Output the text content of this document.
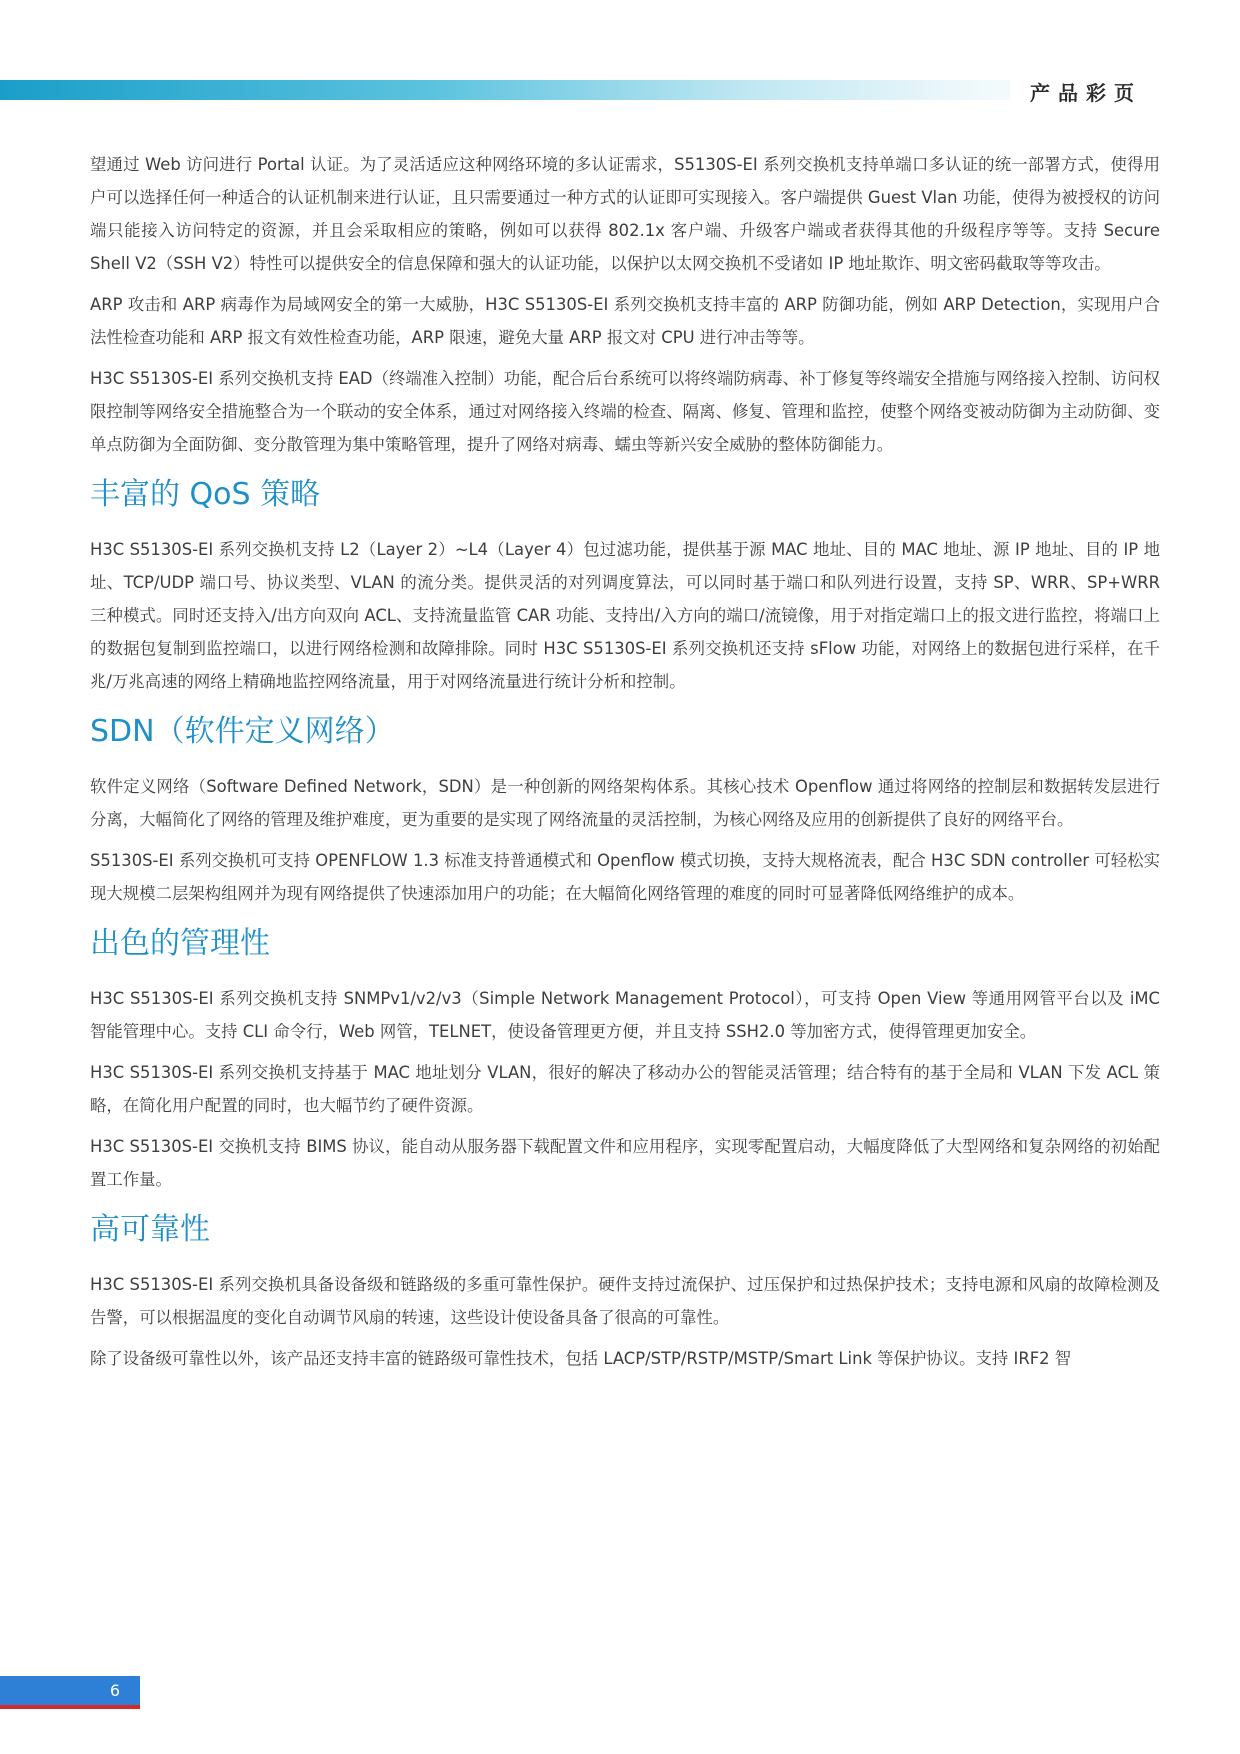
产品彩页

望通过 Web 访问进行 Portal 认证。为了灵活适应这种网络环境的多认证需求，S5130S-EI 系列交换机支持单端口多认证的统一部署方式，使得用户可以选择任何一种适合的认证机制来进行认证，且只需要通过一种方式的认证即可实现接入。客户端提供 Guest Vlan 功能，使得为被授权的访问端只能接入访问特定的资源，并且会采取相应的策略，例如可以获得 802.1x 客户端、升级客户端或者获得其他的升级程序等等。支持 Secure Shell V2（SSH V2）特性可以提供安全的信息保障和强大的认证功能，以保护以太网交换机不受诸如 IP 地址欺诈、明文密码截取等等攻击。

ARP 攻击和 ARP 病毒作为局域网安全的第一大威胁，H3C S5130S-EI 系列交换机支持丰富的 ARP 防御功能，例如 ARP Detection，实现用户合法性检查功能和 ARP 报文有效性检查功能，ARP 限速，避免大量 ARP 报文对 CPU 进行冲击等等。

H3C S5130S-EI 系列交换机支持 EAD（终端准入控制）功能，配合后台系统可以将终端防病毒、补丁修复等终端安全措施与网络接入控制、访问权限控制等网络安全措施整合为一个联动的安全体系，通过对网络接入终端的检查、隔离、修复、管理和监控，使整个网络变被动防御为主动防御、变单点防御为全面防御、变分散管理为集中策略管理，提升了网络对病毒、蠕虫等新兴安全威胁的整体防御能力。

丰富的 QoS 策略

H3C S5130S-EI 系列交换机支持 L2（Layer 2）~L4（Layer 4）包过滤功能，提供基于源 MAC 地址、目的 MAC 地址、源 IP 地址、目的 IP 地址、TCP/UDP 端口号、协议类型、VLAN 的流分类。提供灵活的对列调度算法，可以同时基于端口和队列进行设置，支持 SP、WRR、SP+WRR 三种模式。同时还支持入/出方向双向 ACL、支持流量监管 CAR 功能、支持出/入方向的端口/流镜像，用于对指定端口上的报文进行监控，将端口上的数据包复制到监控端口，以进行网络检测和故障排除。同时 H3C S5130S-EI 系列交换机还支持 sFlow 功能，对网络上的数据包进行采样，在千兆/万兆高速的网络上精确地监控网络流量，用于对网络流量进行统计分析和控制。

SDN（软件定义网络）

软件定义网络（Software Defined Network，SDN）是一种创新的网络架构体系。其核心技术 Openflow 通过将网络的控制层和数据转发层进行分离，大幅简化了网络的管理及维护难度，更为重要的是实现了网络流量的灵活控制，为核心网络及应用的创新提供了良好的网络平台。

S5130S-EI 系列交换机可支持 OPENFLOW 1.3 标准支持普通模式和 Openflow 模式切换，支持大规格流表，配合 H3C SDN controller 可轻松实现大规模二层架构组网并为现有网络提供了快速添加用户的功能；在大幅简化网络管理的难度的同时可显著降低网络维护的成本。

出色的管理性

H3C S5130S-EI 系列交换机支持 SNMPv1/v2/v3（Simple Network Management Protocol），可支持 Open View 等通用网管平台以及 iMC 智能管理中心。支持 CLI 命令行，Web 网管，TELNET，使设备管理更方便，并且支持 SSH2.0 等加密方式，使得管理更加安全。

H3C S5130S-EI 系列交换机支持基于 MAC 地址划分 VLAN，很好的解决了移动办公的智能灵活管理；结合特有的基于全局和 VLAN 下发 ACL 策略，在简化用户配置的同时，也大幅节约了硬件资源。

H3C S5130S-EI 交换机支持 BIMS 协议，能自动从服务器下载配置文件和应用程序，实现零配置启动，大幅度降低了大型网络和复杂网络的初始配置工作量。

高可靠性

H3C S5130S-EI 系列交换机具备设备级和链路级的多重可靠性保护。硬件支持过流保护、过压保护和过热保护技术；支持电源和风扇的故障检测及告警，可以根据温度的变化自动调节风扇的转速，这些设计使设备具备了很高的可靠性。

除了设备级可靠性以外，该产品还支持丰富的链路级可靠性技术，包括 LACP/STP/RSTP/MSTP/Smart Link 等保护协议。支持 IRF2 智

6
